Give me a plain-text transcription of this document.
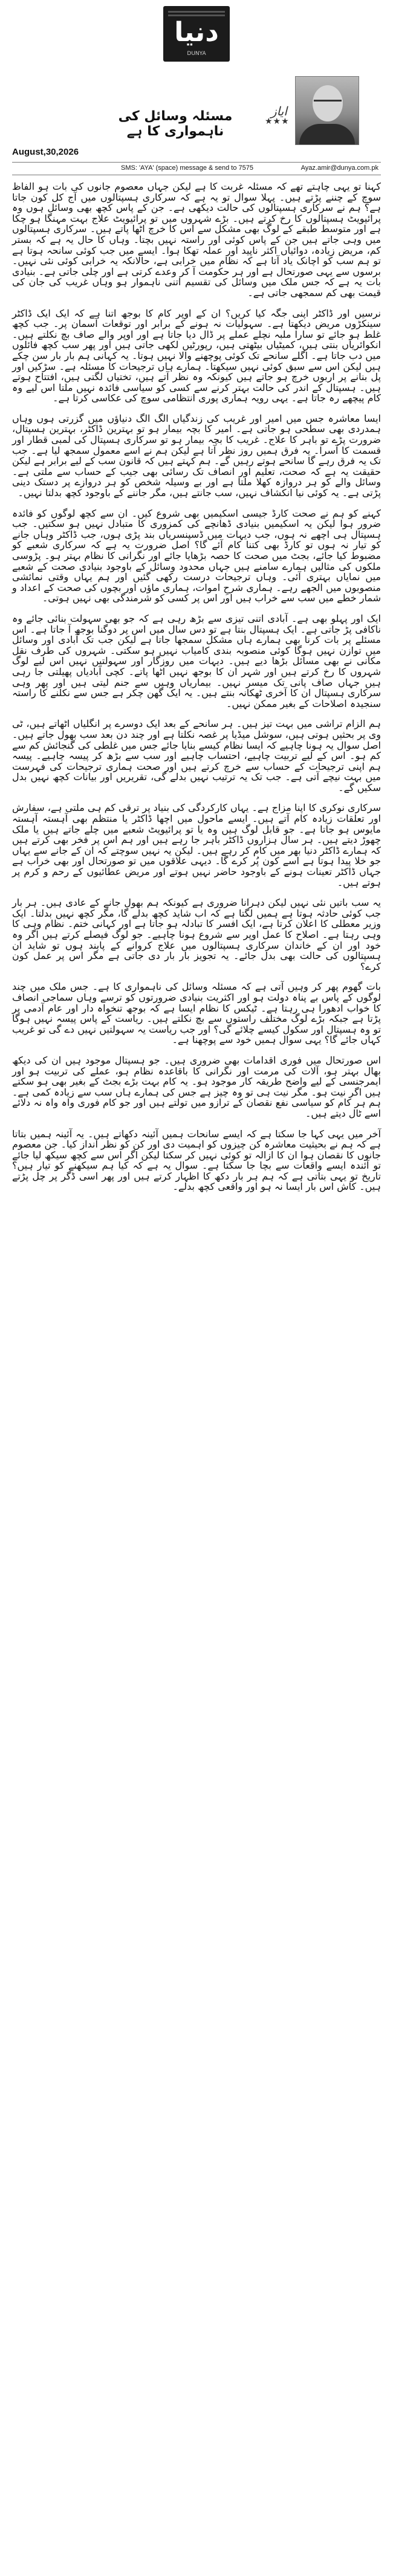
دنیا
DUNYA
ایاز
★★★
مسئلہ وسائل کی ناہمواری کا ہے
August,30,2026
SMS: 'AYA' (space) message & send to 7575	Ayaz.amir@dunya.com.pk

کہنا تو یہی چاہتے تھے کہ مسئلہ غربت کا ہے لیکن جہاں معصوم جانوں کی بات ہو الفاظ سوچ کے چننے پڑتے ہیں۔ پہلا سوال تو یہ ہے کہ سرکاری ہسپتالوں میں آج کل کون جاتا ہے؟ ہم نے سرکاری ہسپتالوں کی حالت دیکھی ہے۔ جن کے پاس کچھ بھی وسائل ہوں وہ پرائیویٹ ہسپتالوں کا رخ کرتے ہیں۔ بڑے شہروں میں تو پرائیویٹ علاج بہت مہنگا ہو چکا ہے اور متوسط طبقے کے لوگ بھی مشکل سے اس کا خرچ اٹھا پاتے ہیں۔ سرکاری ہسپتالوں میں وہی جاتے ہیں جن کے پاس کوئی اور راستہ نہیں بچتا۔ وہاں کا حال یہ ہے کہ بستر کم، مریض زیادہ، دوائیاں اکثر ناپید اور عملہ تھکا ہوا۔ ایسے میں جب کوئی سانحہ ہوتا ہے تو ہم سب کو اچانک یاد آتا ہے کہ نظام میں خرابی ہے، حالانکہ یہ خرابی کوئی نئی نہیں۔ برسوں سے یہی صورتحال ہے اور ہر حکومت آ کر وعدے کرتی ہے اور چلی جاتی ہے۔ بنیادی بات یہ ہے کہ جس ملک میں وسائل کی تقسیم اتنی ناہموار ہو وہاں غریب کی جان کی قیمت بھی کم سمجھی جاتی ہے۔

نرسیں اور ڈاکٹر اپنی جگہ کیا کریں؟ ان کے اوپر کام کا بوجھ اتنا ہے کہ ایک ایک ڈاکٹر سینکڑوں مریض دیکھتا ہے۔ سہولیات نہ ہونے کے برابر اور توقعات آسمان پر۔ جب کچھ غلط ہو جائے تو سارا ملبہ نچلے عملے پر ڈال دیا جاتا ہے اور اوپر والے صاف بچ نکلتے ہیں۔ انکوائریاں بنتی ہیں، کمیٹیاں بیٹھتی ہیں، رپورٹیں لکھی جاتی ہیں اور پھر سب کچھ فائلوں میں دب جاتا ہے۔ اگلے سانحے تک کوئی پوچھنے والا نہیں ہوتا۔ یہ کہانی ہم بار بار سن چکے ہیں لیکن اس سے سبق کوئی نہیں سیکھتا۔ ہمارے ہاں ترجیحات کا مسئلہ ہے۔ سڑکیں اور پل بنانے پر اربوں خرچ ہو جاتے ہیں کیونکہ وہ نظر آتے ہیں، تختیاں لگتی ہیں، افتتاح ہوتے ہیں۔ ہسپتال کے اندر کی حالت بہتر کرنے سے کسی کو سیاسی فائدہ نہیں ملتا اس لیے وہ کام پیچھے رہ جاتا ہے۔ یہی رویہ ہماری پوری انتظامی سوچ کی عکاسی کرتا ہے۔

ایسا معاشرہ جس میں امیر اور غریب کی زندگیاں الگ الگ دنیاؤں میں گزرتی ہوں وہاں ہمدردی بھی سطحی ہو جاتی ہے۔ امیر کا بچہ بیمار ہو تو بہترین ڈاکٹر، بہترین ہسپتال، ضرورت پڑے تو باہر کا علاج۔ غریب کا بچہ بیمار ہو تو سرکاری ہسپتال کی لمبی قطار اور قسمت کا آسرا۔ یہ فرق ہمیں روز نظر آتا ہے لیکن ہم نے اسے معمول سمجھ لیا ہے۔ جب تک یہ فرق رہے گا سانحے ہوتے رہیں گے۔ ہم کہتے ہیں کہ قانون سب کے لیے برابر ہے لیکن حقیقت یہ ہے کہ صحت، تعلیم اور انصاف تک رسائی بھی جیب کے حساب سے ملتی ہے۔ وسائل والے کو ہر دروازہ کھلا ملتا ہے اور بے وسیلہ شخص کو ہر دروازے پر دستک دینی پڑتی ہے۔ یہ کوئی نیا انکشاف نہیں، سب جانتے ہیں، مگر جاننے کے باوجود کچھ بدلتا نہیں۔

کہنے کو ہم نے صحت کارڈ جیسی اسکیمیں بھی شروع کیں۔ ان سے کچھ لوگوں کو فائدہ ضرور ہوا لیکن یہ اسکیمیں بنیادی ڈھانچے کی کمزوری کا متبادل نہیں ہو سکتیں۔ جب ہسپتال ہی اچھے نہ ہوں، جب دیہات میں ڈسپنسریاں بند پڑی ہوں، جب ڈاکٹر وہاں جانے کو تیار نہ ہوں تو کارڈ بھی کتنا کام آئے گا؟ اصل ضرورت یہ ہے کہ سرکاری شعبے کو مضبوط کیا جائے، بجٹ میں صحت کا حصہ بڑھایا جائے اور نگرانی کا نظام بہتر ہو۔ پڑوسی ملکوں کی مثالیں ہمارے سامنے ہیں جہاں محدود وسائل کے باوجود بنیادی صحت کے شعبے میں نمایاں بہتری آئی۔ وہاں ترجیحات درست رکھی گئیں اور ہم یہاں وقتی نمائشی منصوبوں میں الجھے رہے۔ ہماری شرحِ اموات، ہماری ماؤں اور بچوں کی صحت کے اعداد و شمار خطے میں سب سے خراب ہیں اور اس پر کسی کو شرمندگی بھی نہیں ہوتی۔

ایک اور پہلو بھی ہے۔ آبادی اتنی تیزی سے بڑھ رہی ہے کہ جو بھی سہولت بنائی جائے وہ ناکافی پڑ جاتی ہے۔ ایک ہسپتال بنتا ہے تو دس سال میں اس پر دوگنا بوجھ آ جاتا ہے۔ اس مسئلے پر بات کرنا بھی ہمارے ہاں مشکل سمجھا جاتا ہے لیکن جب تک آبادی اور وسائل میں توازن نہیں ہوگا کوئی منصوبہ بندی کامیاب نہیں ہو سکتی۔ شہروں کی طرف نقل مکانی نے بھی مسائل بڑھا دیے ہیں۔ دیہات میں روزگار اور سہولتیں نہیں اس لیے لوگ شہروں کا رخ کرتے ہیں اور شہر ان کا بوجھ نہیں اٹھا پاتے۔ کچی آبادیاں پھیلتی جا رہی ہیں جہاں صاف پانی تک میسر نہیں۔ بیماریاں وہیں سے جنم لیتی ہیں اور پھر وہی سرکاری ہسپتال ان کا آخری ٹھکانہ بنتے ہیں۔ یہ ایک گھن چکر ہے جس سے نکلنے کا راستہ سنجیدہ اصلاحات کے بغیر ممکن نہیں۔

ہم الزام تراشی میں بہت تیز ہیں۔ ہر سانحے کے بعد ایک دوسرے پر انگلیاں اٹھاتے ہیں، ٹی وی پر بحثیں ہوتی ہیں، سوشل میڈیا پر غصہ نکلتا ہے اور چند دن بعد سب بھول جاتے ہیں۔ اصل سوال یہ ہونا چاہیے کہ ایسا نظام کیسے بنایا جائے جس میں غلطی کی گنجائش کم سے کم ہو۔ اس کے لیے تربیت چاہیے، احتساب چاہیے اور سب سے بڑھ کر پیسہ چاہیے۔ پیسہ ہم اپنی ترجیحات کے حساب سے خرچ کرتے ہیں اور صحت ہماری ترجیحات کی فہرست میں بہت نیچے آتی ہے۔ جب تک یہ ترتیب نہیں بدلے گی، تقریریں اور بیانات کچھ نہیں بدل سکیں گے۔

سرکاری نوکری کا اپنا مزاج ہے۔ یہاں کارکردگی کی بنیاد پر ترقی کم ہی ملتی ہے، سفارش اور تعلقات زیادہ کام آتے ہیں۔ ایسے ماحول میں اچھا ڈاکٹر یا منتظم بھی آہستہ آہستہ مایوس ہو جاتا ہے۔ جو قابل لوگ ہیں وہ یا تو پرائیویٹ شعبے میں چلے جاتے ہیں یا ملک چھوڑ دیتے ہیں۔ ہر سال ہزاروں ڈاکٹر باہر جا رہے ہیں اور ہم اس پر فخر بھی کرتے ہیں کہ ہمارے ڈاکٹر دنیا بھر میں کام کر رہے ہیں۔ لیکن یہ نہیں سوچتے کہ ان کے جانے سے یہاں جو خلا پیدا ہوتا ہے اسے کون پُر کرے گا۔ دیہی علاقوں میں تو صورتحال اور بھی خراب ہے جہاں ڈاکٹر تعینات ہونے کے باوجود حاضر نہیں ہوتے اور مریض عطائیوں کے رحم و کرم پر ہوتے ہیں۔

یہ سب باتیں نئی نہیں لیکن دہرانا ضروری ہے کیونکہ ہم بھول جانے کے عادی ہیں۔ ہر بار جب کوئی حادثہ ہوتا ہے ہمیں لگتا ہے کہ اب شاید کچھ بدلے گا، مگر کچھ نہیں بدلتا۔ ایک وزیر معطلی کا اعلان کرتا ہے، ایک افسر کا تبادلہ ہو جاتا ہے اور کہانی ختم۔ نظام وہی کا وہی رہتا ہے۔ اصلاح کا عمل اوپر سے شروع ہونا چاہیے۔ جو لوگ فیصلے کرتے ہیں اگر وہ خود اور ان کے خاندان سرکاری ہسپتالوں میں علاج کروانے کے پابند ہوں تو شاید ان ہسپتالوں کی حالت بھی بدل جائے۔ یہ تجویز بار بار دی جاتی ہے مگر اس پر عمل کون کرے؟

بات گھوم پھر کر وہیں آتی ہے کہ مسئلہ وسائل کی ناہمواری کا ہے۔ جس ملک میں چند لوگوں کے پاس بے پناہ دولت ہو اور اکثریت بنیادی ضرورتوں کو ترسے وہاں سماجی انصاف کا خواب ادھورا ہی رہتا ہے۔ ٹیکس کا نظام ایسا ہے کہ بوجھ تنخواہ دار اور عام آدمی پر پڑتا ہے جبکہ بڑے لوگ مختلف راستوں سے بچ نکلتے ہیں۔ ریاست کے پاس پیسہ نہیں ہوگا تو وہ ہسپتال اور سکول کیسے چلائے گی؟ اور جب ریاست یہ سہولتیں نہیں دے گی تو غریب کہاں جائے گا؟ یہی سوال ہمیں خود سے پوچھنا ہے۔

اس صورتحال میں فوری اقدامات بھی ضروری ہیں۔ جو ہسپتال موجود ہیں ان کی دیکھ بھال بہتر ہو، آلات کی مرمت اور نگرانی کا باقاعدہ نظام ہو، عملے کی تربیت ہو اور ایمرجنسی کے لیے واضح طریقہ کار موجود ہو۔ یہ کام بہت بڑے بجٹ کے بغیر بھی ہو سکتے ہیں اگر نیت ہو۔ مگر نیت ہی تو وہ چیز ہے جس کی ہمارے ہاں سب سے زیادہ کمی ہے۔ ہم ہر کام کو سیاسی نفع نقصان کے ترازو میں تولتے ہیں اور جو کام فوری واہ واہ نہ دلائے اسے ٹال دیتے ہیں۔

آخر میں یہی کہا جا سکتا ہے کہ ایسے سانحات ہمیں آئینہ دکھاتے ہیں۔ یہ آئینہ ہمیں بتاتا ہے کہ ہم نے بحیثیت معاشرہ کن چیزوں کو اہمیت دی اور کن کو نظر انداز کیا۔ جن معصوم جانوں کا نقصان ہوا ان کا ازالہ تو کوئی نہیں کر سکتا لیکن اگر اس سے کچھ سیکھ لیا جائے تو آئندہ ایسے واقعات سے بچا جا سکتا ہے۔ سوال یہ ہے کہ کیا ہم سیکھنے کو تیار ہیں؟ تاریخ تو یہی بتاتی ہے کہ ہم ہر بار دکھ کا اظہار کرتے ہیں اور پھر اسی ڈگر پر چل پڑتے ہیں۔ کاش اس بار ایسا نہ ہو اور واقعی کچھ بدلے۔
